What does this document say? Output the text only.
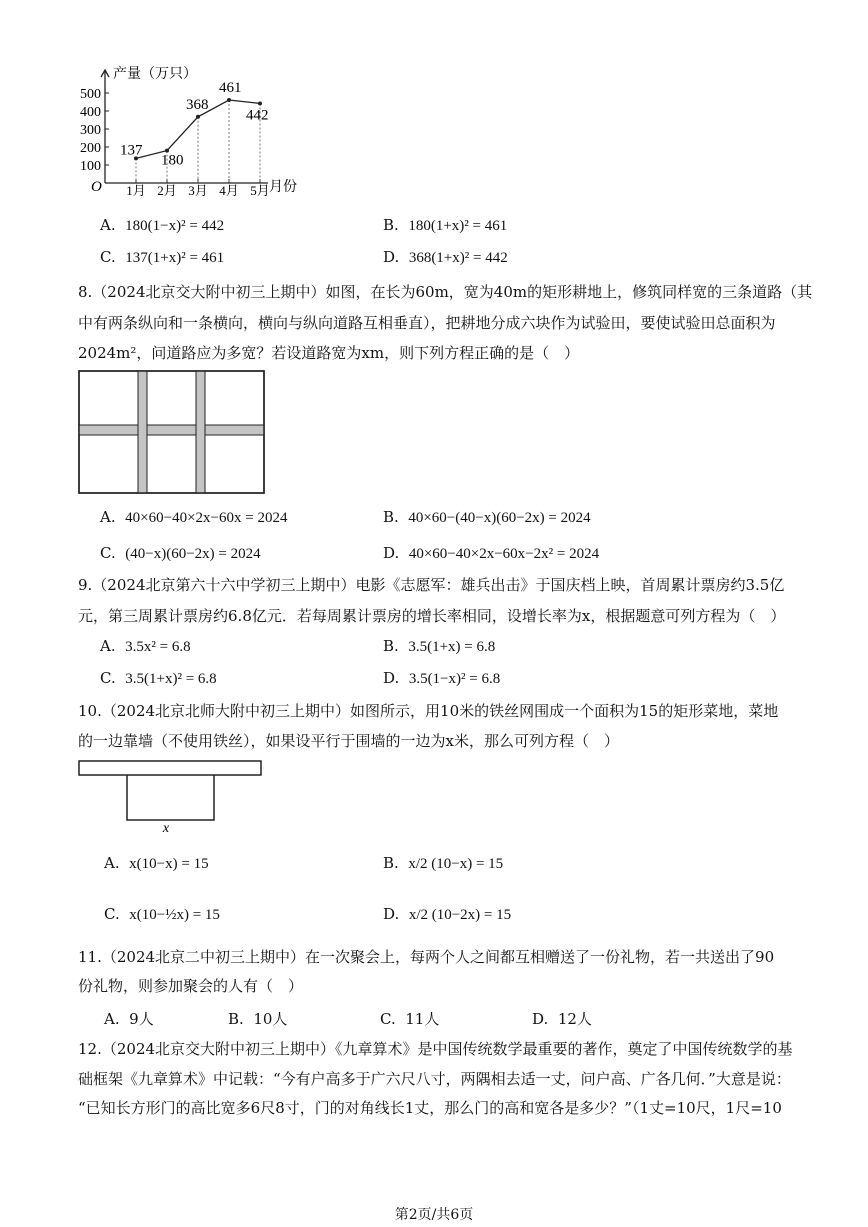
产量（万只）
月份
O
100
200
300
400
500
1月 2月 3月 4月 5月
137
180
368
461
442
A. 180(1−x)² = 442	B. 180(1+x)² = 461
C. 137(1+x)² = 461	D. 368(1+x)² = 442
8.（2024北京交大附中初三上期中）如图，在长为60m，宽为40m的矩形耕地上，修筑同样宽的三条道路（其
中有两条纵向和一条横向，横向与纵向道路互相垂直），把耕地分成六块作为试验田，要使试验田总面积为
2024m²，问道路应为多宽？若设道路宽为xm，则下列方程正确的是（　）
A. 40×60−40×2x−60x = 2024	B. 40×60−(40−x)(60−2x) = 2024
C. (40−x)(60−2x) = 2024	D. 40×60−40×2x−60x−2x² = 2024
9.（2024北京第六十六中学初三上期中）电影《志愿军：雄兵出击》于国庆档上映，首周累计票房约3.5亿
元，第三周累计票房约6.8亿元．若每周累计票房的增长率相同，设增长率为x，根据题意可列方程为（　）
A. 3.5x² = 6.8	B. 3.5(1+x) = 6.8
C. 3.5(1+x)² = 6.8	D. 3.5(1−x)² = 6.8
10.（2024北京北师大附中初三上期中）如图所示，用10米的铁丝网围成一个面积为15的矩形菜地，菜地
的一边靠墙（不使用铁丝），如果设平行于围墙的一边为x米，那么可列方程（　）
x
A. x(10−x) = 15	B. x/2 (10−x) = 15
C. x(10−½x) = 15	D. x/2 (10−2x) = 15
11.（2024北京二中初三上期中）在一次聚会上，每两个人之间都互相赠送了一份礼物，若一共送出了90
份礼物，则参加聚会的人有（　）
A. 9人	B. 10人	C. 11人	D. 12人
12.（2024北京交大附中初三上期中）《九章算术》是中国传统数学最重要的著作，奠定了中国传统数学的基
础框架《九章算术》中记载：“今有户高多于广六尺八寸，两隅相去适一丈，问户高、广各几何．”大意是说：
“已知长方形门的高比宽多6尺8寸，门的对角线长1丈，那么门的高和宽各是多少？”（1丈=10尺，1尺=10
第2页/共6页
